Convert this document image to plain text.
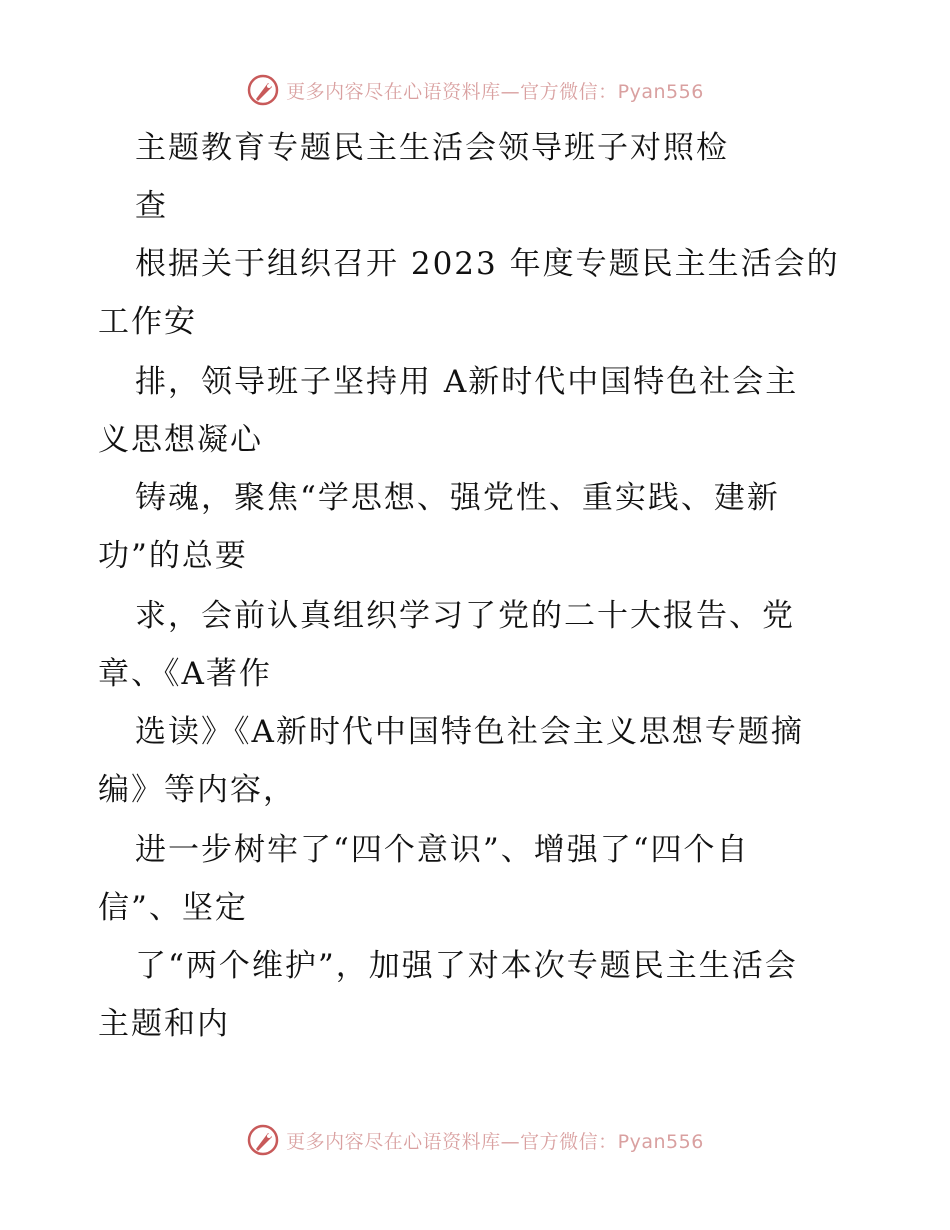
更多内容尽在心语资料库—官方微信：Pyan556
主题教育专题民主生活会领导班子对照检
查
根据关于组织召开 2023 年度专题民主生活会的
工作安
排，领导班子坚持用 A新时代中国特色社会主
义思想凝心
铸魂，聚焦“学思想、强党性、重实践、建新
功”的总要
求，会前认真组织学习了党的二十大报告、党
章、《A著作
选读》《A新时代中国特色社会主义思想专题摘
编》等内容，
进一步树牢了“四个意识”、增强了“四个自
信”、坚定
了“两个维护”，加强了对本次专题民主生活会
主题和内
更多内容尽在心语资料库—官方微信：Pyan556
